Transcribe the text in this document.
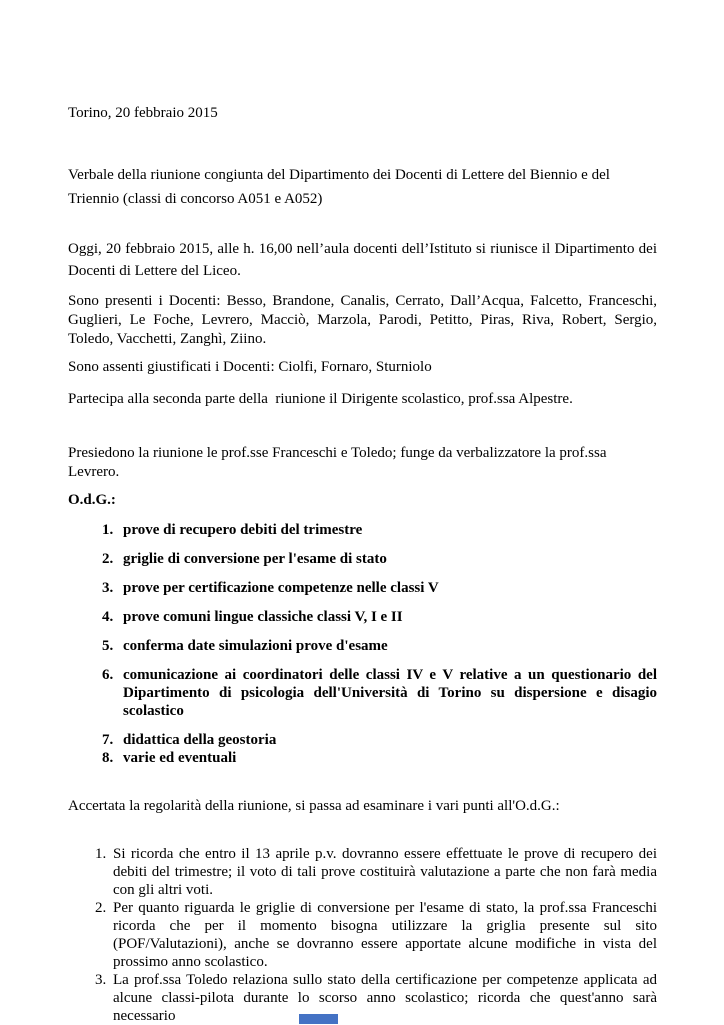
Torino, 20 febbraio 2015

Verbale della riunione congiunta del Dipartimento dei Docenti di Lettere del Biennio e del Triennio (classi di concorso A051 e A052)

Oggi, 20 febbraio 2015, alle h. 16,00 nell’aula docenti dell’Istituto si riunisce il Dipartimento dei Docenti di Lettere del Liceo.

Sono presenti i Docenti: Besso, Brandone, Canalis, Cerrato, Dall’Acqua, Falcetto, Franceschi, Guglieri, Le Foche, Levrero, Macciò, Marzola, Parodi, Petitto, Piras, Riva, Robert, Sergio, Toledo, Vacchetti, Zanghì, Ziino.

Sono assenti giustificati i Docenti: Ciolfi, Fornaro, Sturniolo

Partecipa alla seconda parte della  riunione il Dirigente scolastico, prof.ssa Alpestre.

Presiedono la riunione le prof.sse Franceschi e Toledo; funge da verbalizzatore la prof.ssa Levrero.

O.d.G.:

1. prove di recupero debiti del trimestre
2. griglie di conversione per l'esame di stato
3. prove per certificazione competenze nelle classi V
4. prove comuni lingue classiche classi V, I e II
5. conferma date simulazioni prove d'esame
6. comunicazione ai coordinatori delle classi IV e V relative a un questionario del Dipartimento di psicologia dell'Università di Torino su dispersione e disagio scolastico
7. didattica della geostoria
8. varie ed eventuali

Accertata la regolarità della riunione, si passa ad esaminare i vari punti all'O.d.G.:

1. Si ricorda che entro il 13 aprile p.v. dovranno essere effettuate le prove di recupero dei debiti del trimestre; il voto di tali prove costituirà valutazione a parte che non farà media con gli altri voti.
2. Per quanto riguarda le griglie di conversione per l'esame di stato, la prof.ssa Franceschi ricorda che per il momento bisogna utilizzare la griglia presente sul sito (POF/Valutazioni), anche se dovranno essere apportate alcune modifiche in vista del prossimo anno scolastico.
3. La prof.ssa Toledo relaziona sullo stato della certificazione per competenze applicata ad alcune classi-pilota durante lo scorso anno scolastico; ricorda che quest'anno sarà necessario
